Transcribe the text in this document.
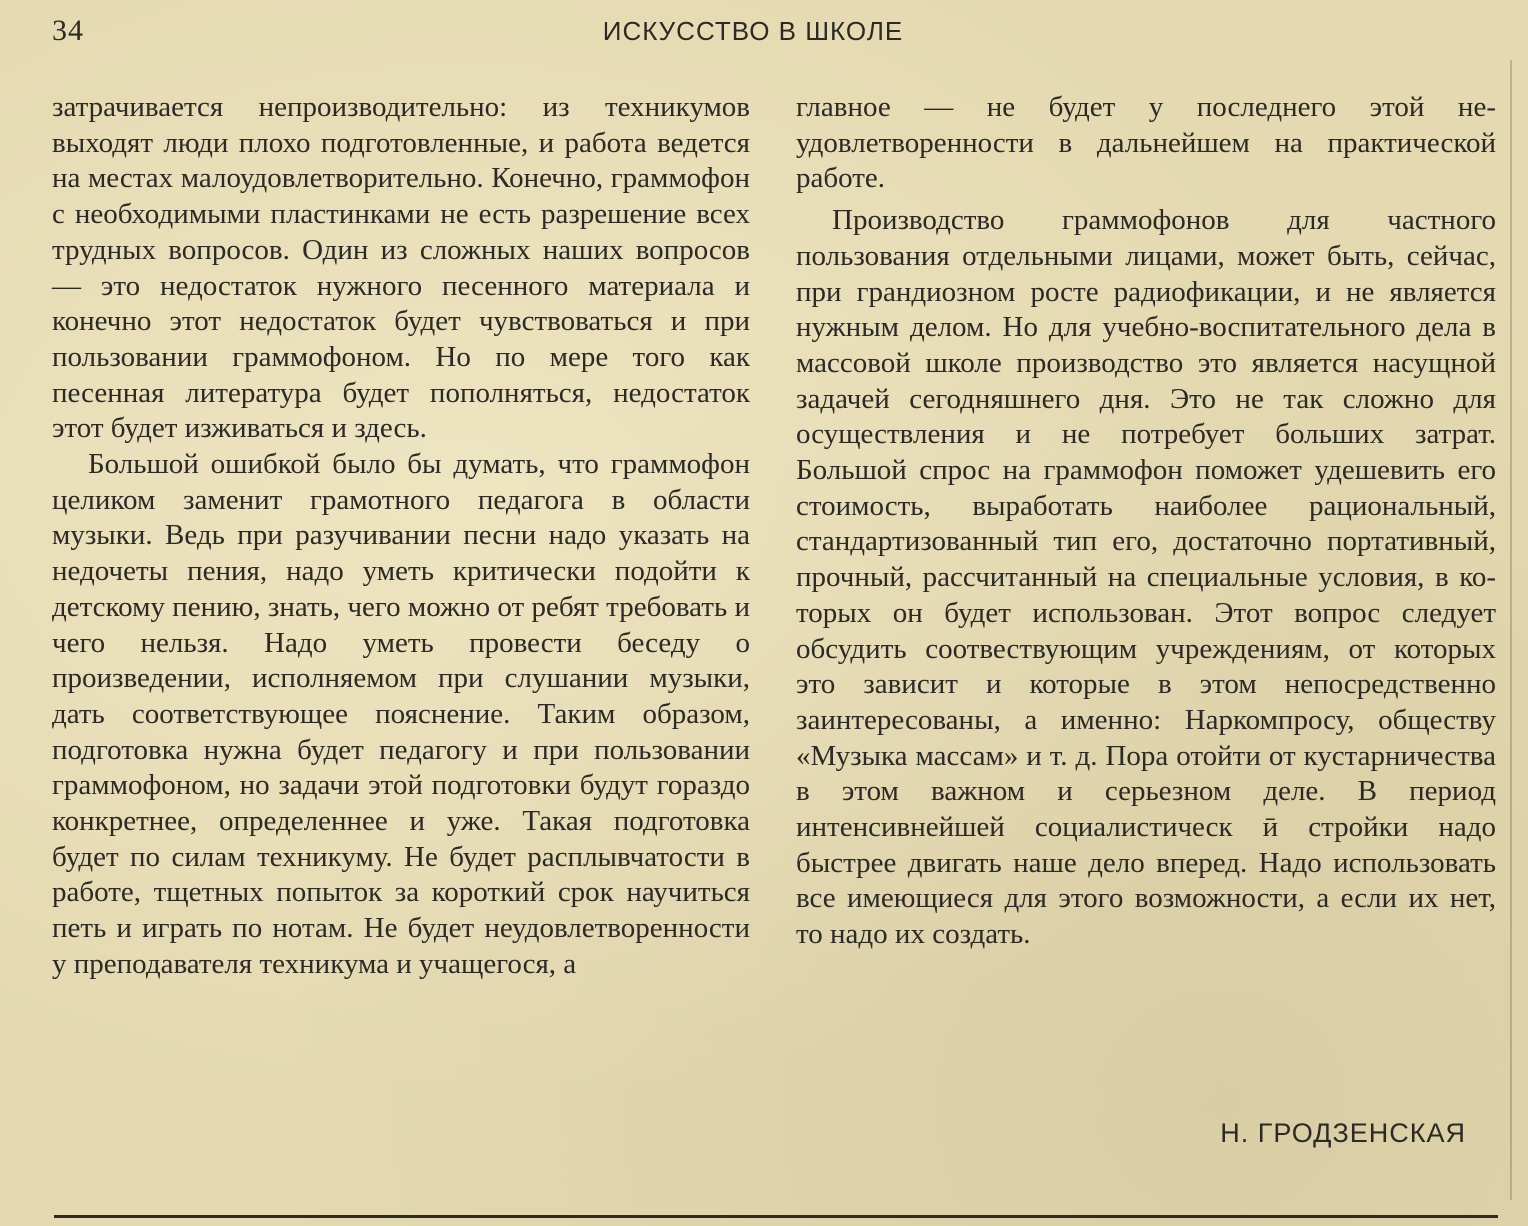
34	ИСКУССТВО В ШКОЛЕ

затрачивается непроизводительно: из техникумов выходят люди плохо подготовленные, и работа ведется на местах малоудовлетворительно. Конечно, граммофон с необходимыми пластинками не есть разрешение всех трудных вопросов. Один из сложных наших вопросов — это недостаток нужного песенного материала и конечно этот недостаток будет чувствоваться и при пользовании граммофоном. Но по мере того как песенная литература будет пополняться, недостаток этот будет изживаться и здесь.

Большой ошибкой было бы думать, что граммофон целиком заменит грамотного педагога в области музыки. Ведь при разучивании песни надо указать на недочеты пения, надо уметь критически подойти к детскому пению, знать, чего можно от ребят требовать и чего нельзя. Надо уметь провести беседу о произведении, исполняемом при слушании музыки, дать соответствующее пояснение. Таким образом, подготовка нужна будет педагогу и при пользовании граммофоном, но задачи этой подготовки будут гораздо конкретнее, определеннее и уже. Такая подготовка будет по силам техникуму. Не будет расплывчатости в работе, тщетных попыток за короткий срок научиться петь и играть по нотам. Не будет неудовлетворенности у преподавателя техникума и учащегося, а

главное — не будет у последнего этой неудовлетворенности в дальнейшем на практической работе.

Производство граммофонов для частного пользования отдельными лицами, может быть, сейчас, при грандиозном росте радиофикации, и не является нужным делом. Но для учебно-воспитательного дела в массовой школе производство это является насущной задачей сегодняшнего дня. Это не так сложно для осуществления и не потребует больших затрат. Большой спрос на граммофон поможет удешевить его стоимость, выработать наиболее рациональный, стандартизованный тип его, достаточно портативный, прочный, рассчитанный на специальные условия, в которых он будет использован. Этот вопрос следует обсудить соотвествующим учреждениям, от которых это зависит и которые в этом непосредственно заинтересованы, а именно: Наркомпросу, обществу «Музыка массам» и т. д. Пора отойти от кустарничества в этом важном и серьезном деле. В период интенсивнейшей социалистическ ӣ стройки надо быстрее двигать наше дело вперед. Надо использовать все имеющиеся для этого возможности, а если их нет, то надо их создать.

Н. ГРОДЗЕНСКАЯ
